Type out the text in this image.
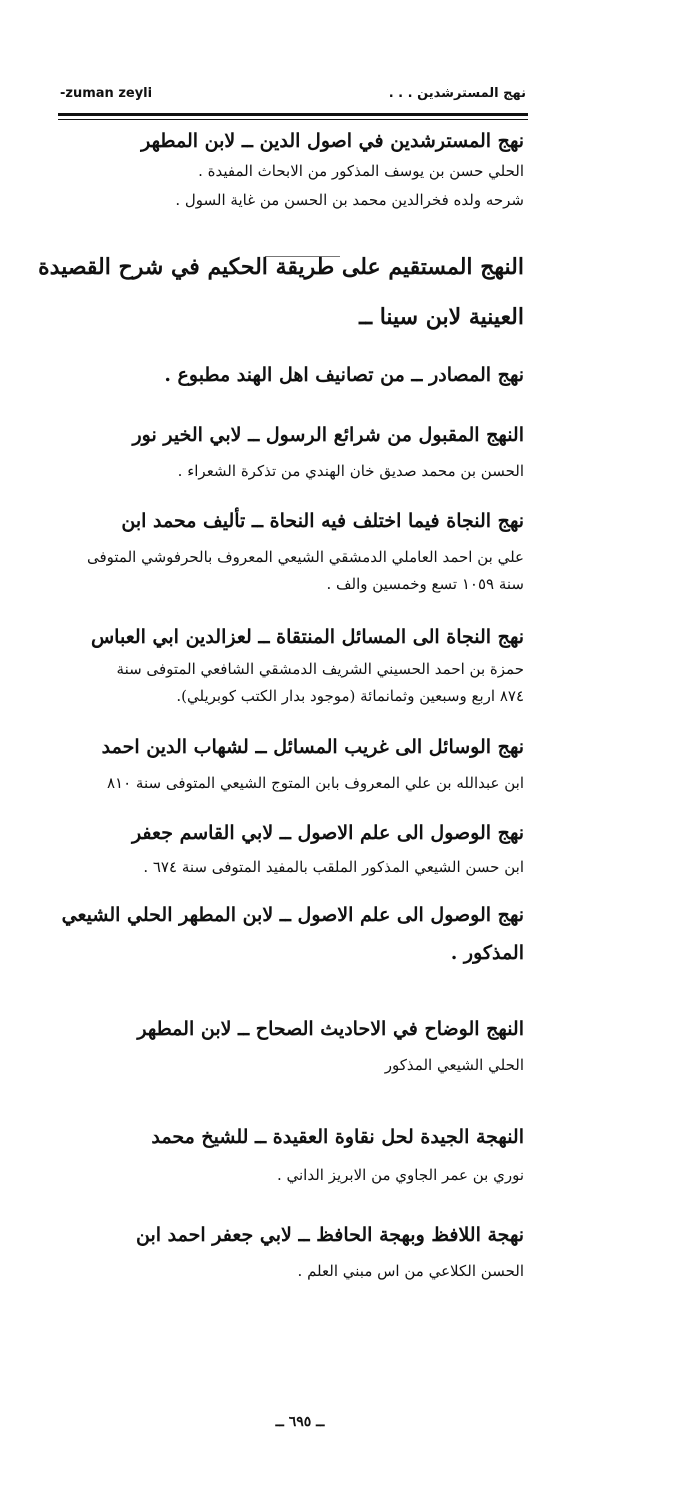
-zuman zeyli	نهج المسترشدين . . .
نهج المسترشدين في اصول الدين ــ لابن المطهر
الحلي حسن بن يوسف المذكور من الابحاث المفيدة .
شرحه ولده فخرالدين محمد بن الحسن من غاية السول .
النهج المستقيم على طريقة الحكيم في شرح القصيدة
العينية لابن سينا ــ
نهج المصادر ــ من تصانيف اهل الهند مطبوع .
النهج المقبول من شرائع الرسول ــ لابي الخير نور
الحسن بن محمد صديق خان الهندي من تذكرة الشعراء .
نهج النجاة فيما اختلف فيه النحاة ــ تأليف محمد ابن
علي بن احمد العاملي الدمشقي الشيعي المعروف بالحرفوشي المتوفى
سنة ١٠٥٩ تسع وخمسين والف .
نهج النجاة الى المسائل المنتقاة ــ لعزالدين ابي العباس
حمزة بن احمد الحسيني الشريف الدمشقي الشافعي المتوفى سنة
٨٧٤ اربع وسبعين وثمانمائة (موجود بدار الكتب كوبريلي).
نهج الوسائل الى غريب المسائل ــ لشهاب الدين احمد
ابن عبدالله بن علي المعروف بابن المتوج الشيعي المتوفى سنة ٨١٠
نهج الوصول الى علم الاصول ــ لابي القاسم جعفر
ابن حسن الشيعي المذكور الملقب بالمفيد المتوفى سنة ٦٧٤ .
نهج الوصول الى علم الاصول ــ لابن المطهر الحلي الشيعي
المذكور .
النهج الوضاح في الاحاديث الصحاح ــ لابن المطهر
الحلي الشيعي المذكور
النهجة الجيدة لحل نقاوة العقيدة ــ للشيخ محمد
نوري بن عمر الجاوي من الابريز الداني .
نهجة اللافظ وبهجة الحافظ ــ لابي جعفر احمد ابن
الحسن الكلاعي من اس مبني العلم .
ــ ٦٩٥ ــ
